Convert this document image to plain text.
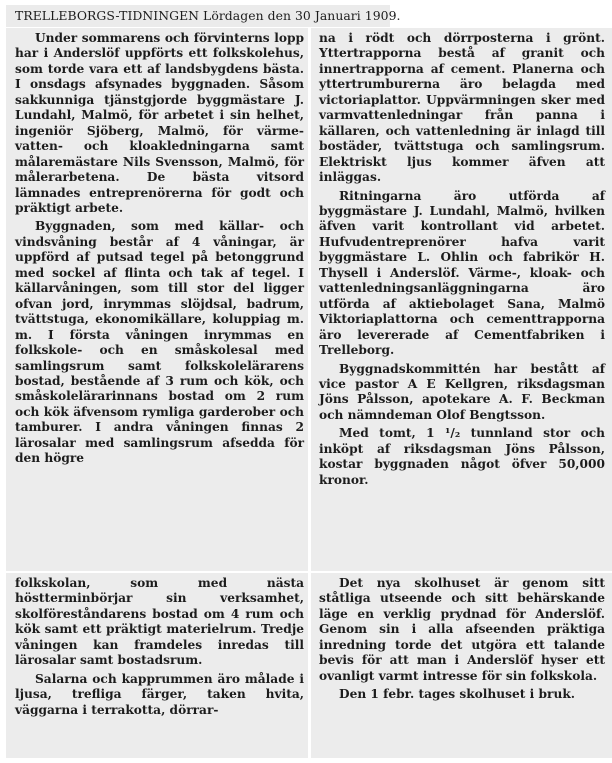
TRELLEBORGS-TIDNINGEN Lördagen den 30 Januari 1909.

Under sommarens och förvinterns lopp har i Anderslöf uppförts ett folkskolehus, som torde vara ett af landsbygdens bästa. I onsdags afsynades byggnaden. Såsom sakkunniga tjänstgjorde byggmästare J. Lundahl, Malmö, för arbetet i sin helhet, ingeniör Sjöberg, Malmö, för värme- vatten- och kloakledningarna samt målaremästare Nils Svensson, Malmö, för målerarbetena. De bästa vitsord lämnades entreprenörerna för godt och präktigt arbete.

Byggnaden, som med källar- och vindsvåning består af 4 våningar, är uppförd af putsad tegel på betonggrund med sockel af flinta och tak af tegel. I källarvåningen, som till stor del ligger ofvan jord, inrymmas slöjdsal, badrum, tvättstuga, ekonomikällare, koluppiag m. m. I första våningen inrymmas en folkskole- och en småskolesal med samlingsrum samt folkskolelärarens bostad, bestående af 3 rum och kök, och småskolelärarinnans bostad om 2 rum och kök äfvensom rymliga garderober och tamburer. I andra våningen finnas 2 lärosalar med samlingsrum afsedda för den högre

na i rödt och dörrposterna i grönt. Yttertrapporna bestå af granit och innertrapporna af cement. Planerna och yttertrumburerna äro belagda med victoriaplattor. Uppvärmningen sker med varmvattenledningar från panna i källaren, och vattenledning är inlagd till bostäder, tvättstuga och samlingsrum. Elektriskt ljus kommer äfven att inläggas.

Ritningarna äro utförda af byggmästare J. Lundahl, Malmö, hvilken äfven varit kontrollant vid arbetet. Hufvudentreprenörer hafva varit byggmästare L. Ohlin och fabrikör H. Thysell i Anderslöf. Värme-, kloak- och vattenledningsanläggningarna äro utförda af aktiebolaget Sana, Malmö Viktoriaplattorna och cementtrapporna äro levererade af Cementfabriken i Trelleborg.

Byggnadskommittén har bestått af vice pastor A E Kellgren, riksdagsman Jöns Pålsson, apotekare A. F. Beckman och nämndeman Olof Bengtsson.

Med tomt, 1 ¹/₂ tunnland stor och inköpt af riksdagsman Jöns Pålsson, kostar byggnaden något öfver 50,000 kronor.

folkskolan, som med nästa höstterminbörjar sin verksamhet, skolföreståndarens bostad om 4 rum och kök samt ett präktigt materielrum. Tredje våningen kan framdeles inredas till lärosalar samt bostadsrum.

Salarna och kapprummen äro målade i ljusa, trefliga färger, taken hvita, väggarna i terrakotta, dörrar-

Det nya skolhuset är genom sitt ståtliga utseende och sitt behärskande läge en verklig prydnad för Anderslöf. Genom sin i alla afseenden präktiga inredning torde det utgöra ett talande bevis för att man i Anderslöf hyser ett ovanligt varmt intresse för sin folkskola.

Den 1 febr. tages skolhuset i bruk.
